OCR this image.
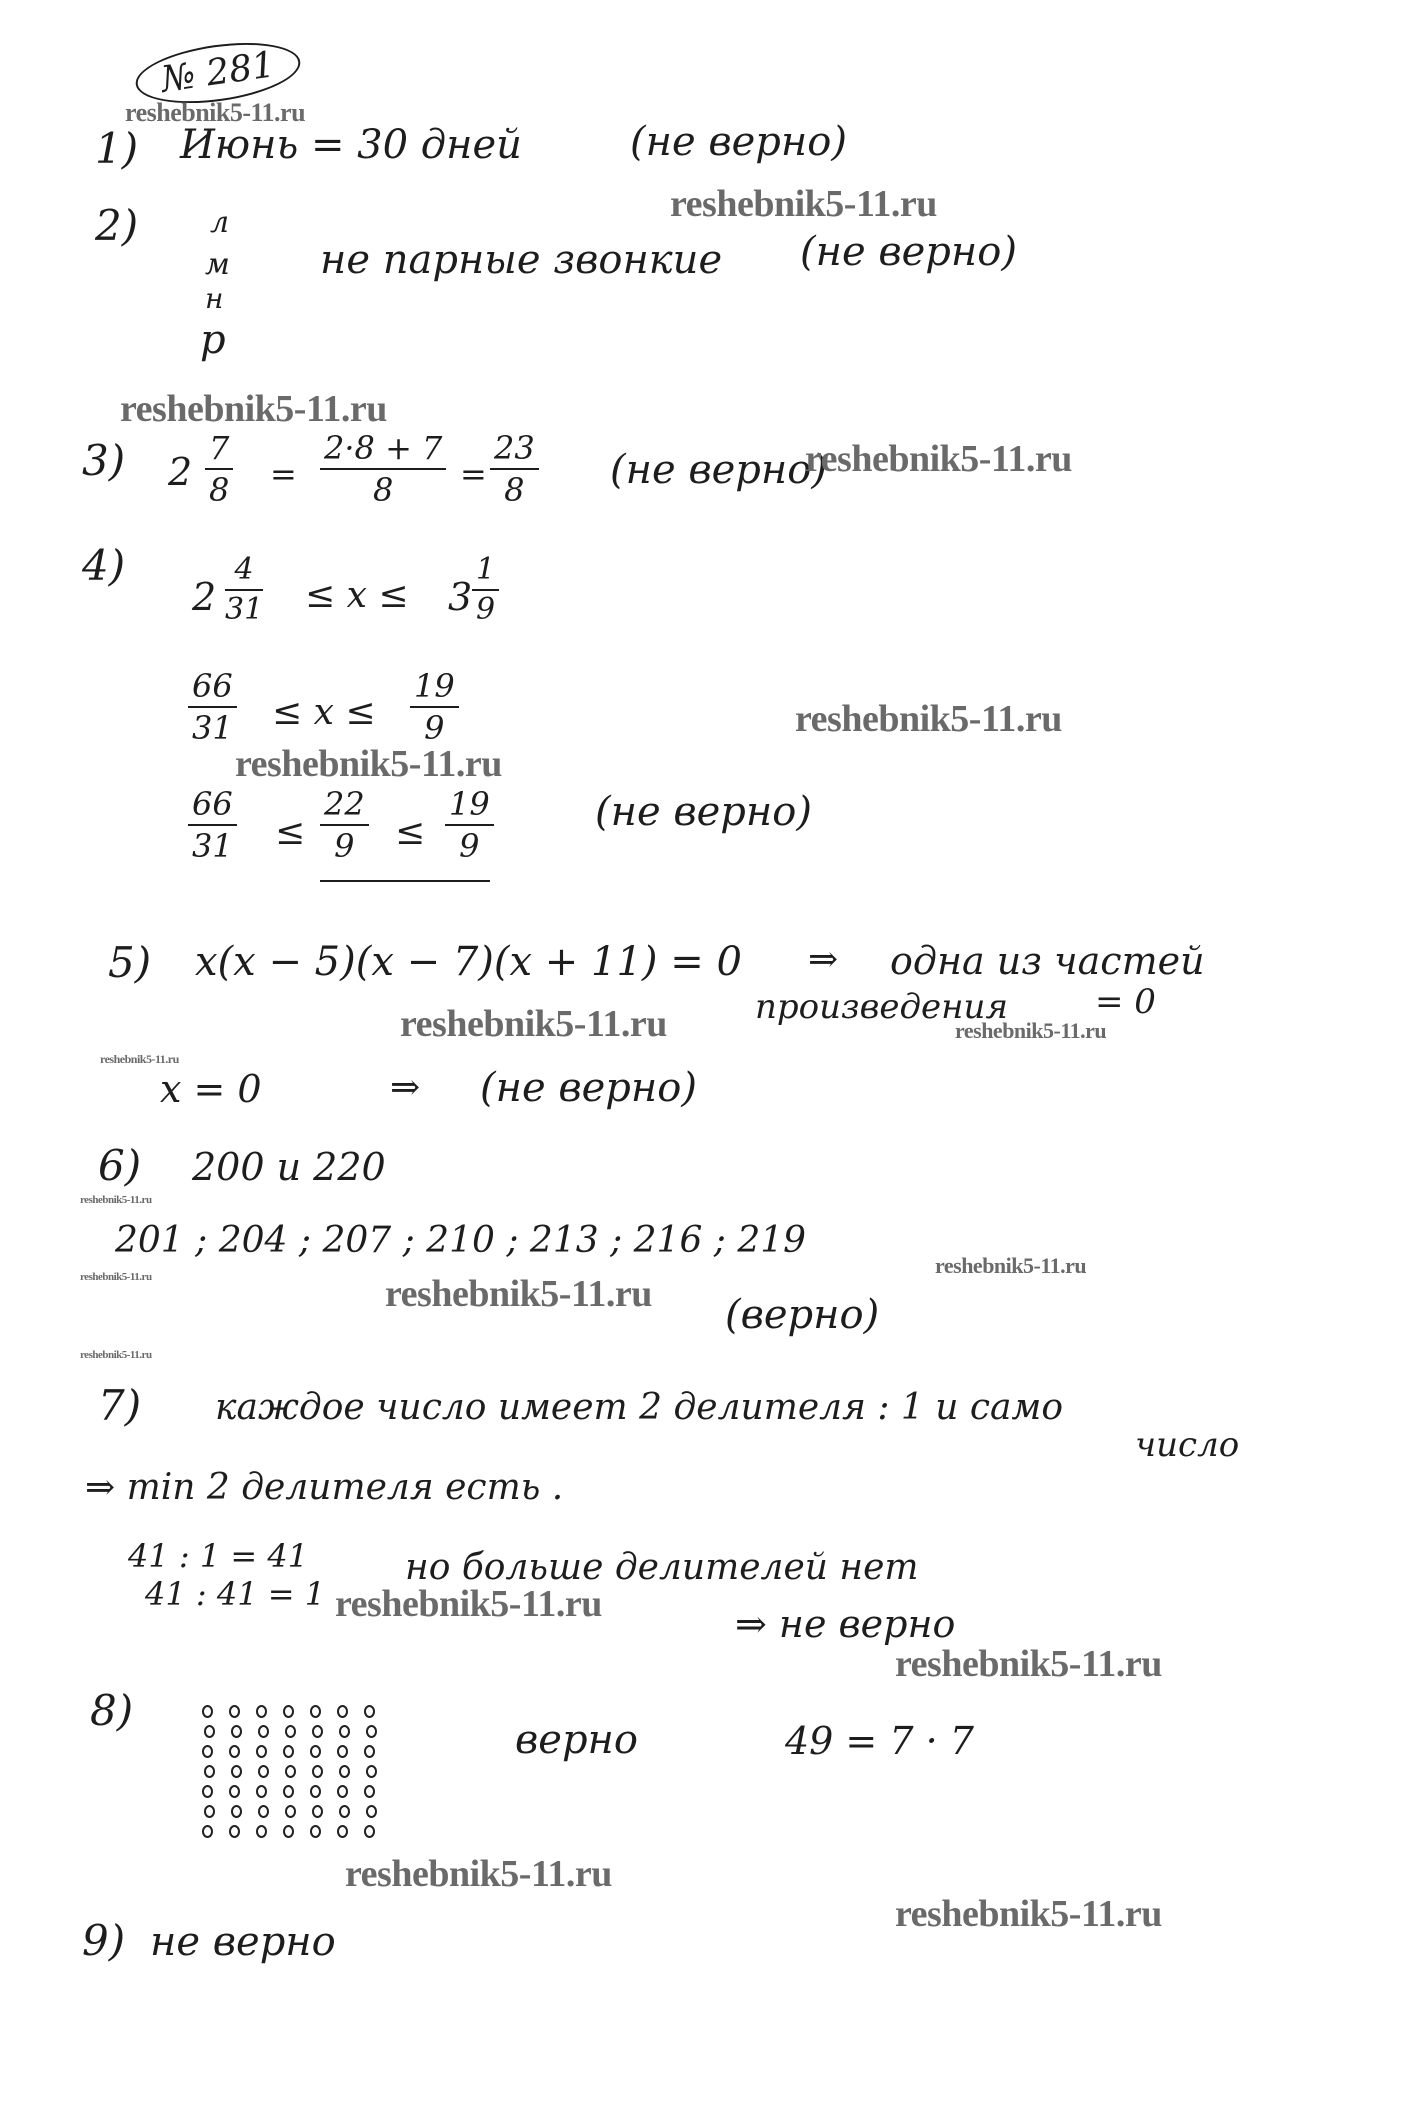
№ 281
reshebnik5-11.ru
1) Июнь = 30 дней	(не верно)
reshebnik5-11.ru
2) л
м
н
р
не парные звонкие (не верно)
reshebnik5-11.ru
3) $2 \frac{7}{8} = \frac{2\cdot 8 + 7}{8} = \frac{23}{8} (не$ верно)
reshebnik5-11.ru
4)
$2 \frac{4}{31} \le x \le 3 \frac{1}{9}$
$\frac{66}{31} \le x \le \frac{19}{9}$	reshebnik5-11.ru
reshebnik5-11.ru
$\frac{66}{31} \le \frac{22}{9} \le \frac{19}{9}$	(не верно)
5) x(x − 5)(x − 7)(x + 11) = 0 ⇒ одна из частей
произведения	= 0
reshebnik5-11.ru	reshebnik5-11.ru
reshebnik5-11.ru
x = 0	⇒ (не верно)
6) 200 и 220
reshebnik5-11.ru
201 ; 204 ; 207 ; 210 ; 213 ; 216 ; 219
reshebnik5-11.ru
reshebnik5-11.ru	reshebnik5-11.ru (верно)
reshebnik5-11.ru
7) каждое число имеет 2 делителя : 1 и само
число
⇒ min 2 делителя есть .
41 : 1 = 41
41 : 41 = 1
но больше делителей нет
reshebnik5-11.ru	⇒ не верно
reshebnik5-11.ru
8)
верно	49 = 7 · 7
reshebnik5-11.ru
reshebnik5-11.ru
9) не верно
